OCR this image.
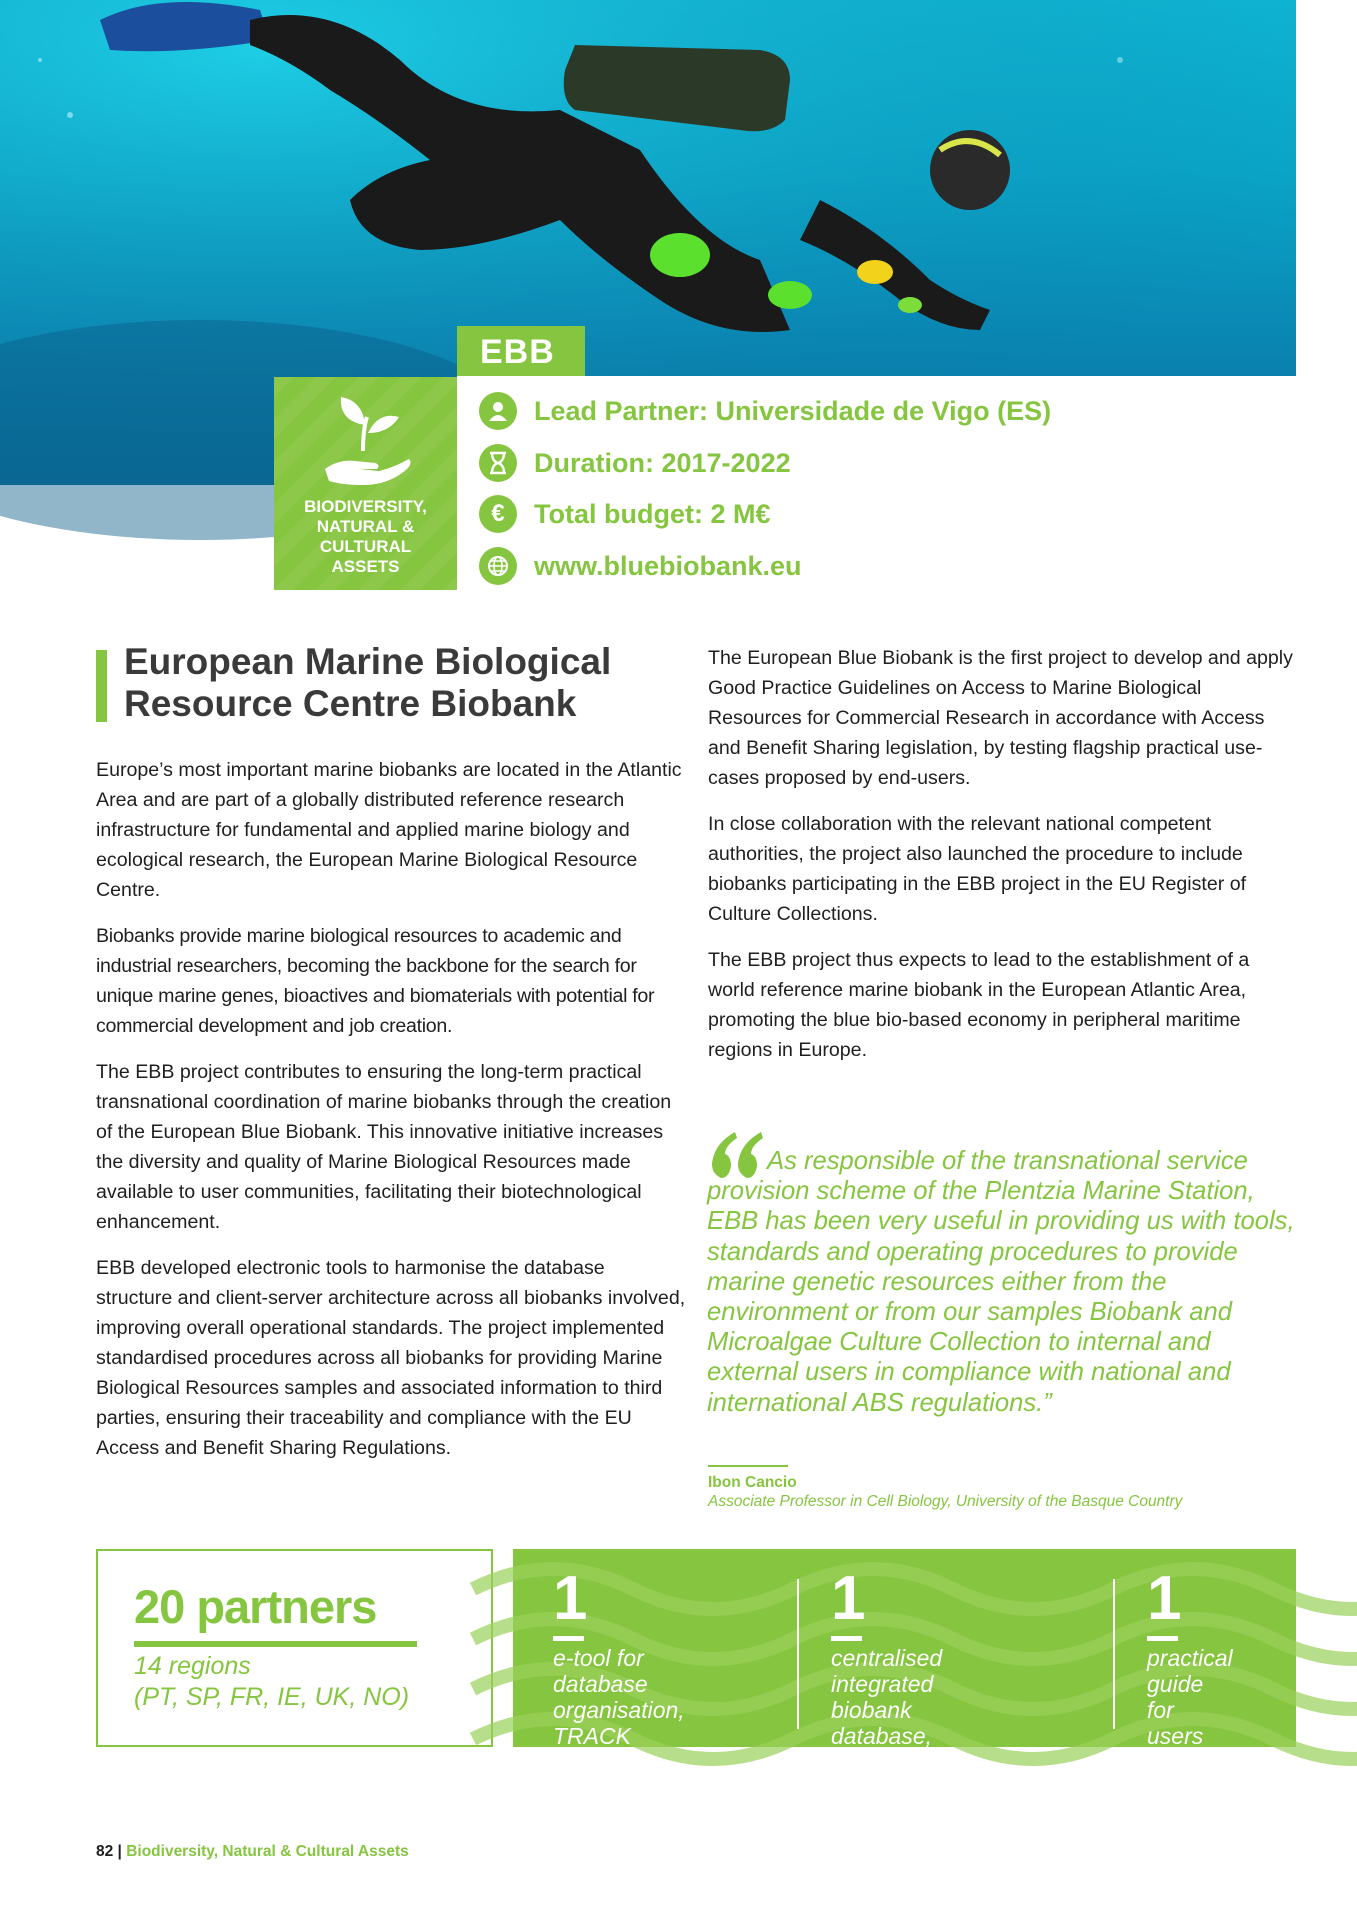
EBB
BIODIVERSITY,
NATURAL &
CULTURAL
ASSETS
Lead Partner: Universidade de Vigo (ES)
Duration: 2017-2022
€ Total budget: 2 M€
www.bluebiobank.eu
European Marine Biological Resource Centre Biobank

Europe’s most important marine biobanks are located in the Atlantic Area and are part of a globally distributed reference research infrastructure for fundamental and applied marine biology and ecological research, the European Marine Biological Resource Centre.

Biobanks provide marine biological resources to academic and industrial researchers, becoming the backbone for the search for unique marine genes, bioactives and biomaterials with potential for commercial development and job creation.

The EBB project contributes to ensuring the long-term practical transnational coordination of marine biobanks through the creation of the European Blue Biobank. This innovative initiative increases the diversity and quality of Marine Biological Resources made available to user communities, facilitating their biotechnological enhancement.

EBB developed electronic tools to harmonise the database structure and client-server architecture across all biobanks involved, improving overall operational standards. The project implemented standardised procedures across all biobanks for providing Marine Biological Resources samples and associated information to third parties, ensuring their traceability and compliance with the EU Access and Benefit Sharing Regulations.

The European Blue Biobank is the first project to develop and apply Good Practice Guidelines on Access to Marine Biological Resources for Commercial Research in accordance with Access and Benefit Sharing legislation, by testing flagship practical use-cases proposed by end-users.

In close collaboration with the relevant national competent authorities, the project also launched the procedure to include biobanks participating in the EBB project in the EU Register of Culture Collections.

The EBB project thus expects to lead to the establishment of a world reference marine biobank in the European Atlantic Area, promoting the blue bio-based economy in peripheral maritime regions in Europe.

As responsible of the transnational service provision scheme of the Plentzia Marine Station, EBB has been very useful in providing us with tools, standards and operating procedures to provide marine genetic resources either from the environment or from our samples Biobank and Microalgae Culture Collection to internal and external users in compliance with national and international ABS regulations.”
Ibon Cancio
Associate Professor in Cell Biology, University of the Basque Country
20 partners
14 regions
(PT, SP, FR, IE, UK, NO)
1
e-tool for database
organisation, TRACK
1
centralised integrated
biobank database,
TRACE
1
practical
guide
for users
82 | Biodiversity, Natural & Cultural Assets
